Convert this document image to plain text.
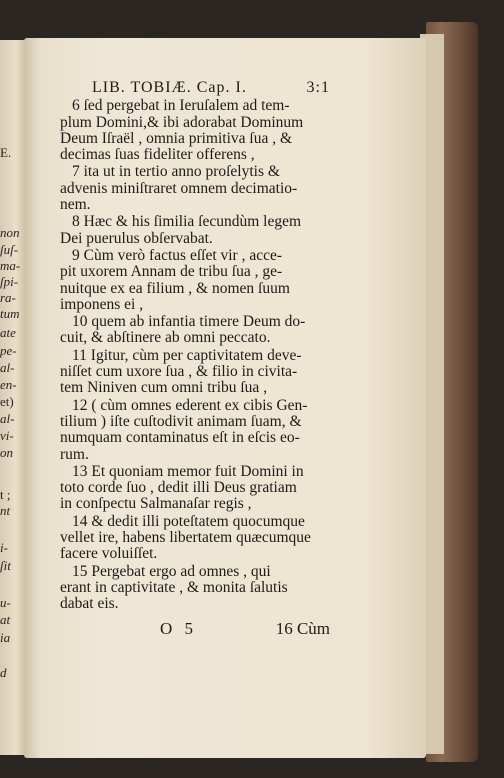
E.
non
ſuſ-
ma-
ſpi-
ra-
tum
ate
pe-
al-
en-
et)
al-
vi-
on
t ;
nt
i-
ſit
u-
at
ia
d
LIB. TOBIÆ. Cap. I.	3:1
6 ſed pergebat in Ieruſalem ad tem-
plum Domini,& ibi adorabat Dominum
Deum Iſraël , omnia primitiva ſua , &
decimas ſuas fideliter offerens ,
7 ita ut in tertio anno proſelytis &
advenis miniſtraret omnem decimatio-
nem.
8 Hæc & his ſimilia ſecundùm legem
Dei puerulus obſervabat.
9 Cùm verò factus eſſet vir , acce-
pit uxorem Annam de tribu ſua , ge-
nuitque ex ea filium , & nomen ſuum
imponens ei ,
10 quem ab infantia timere Deum do-
cuit, & abſtinere ab omni peccato.
11 Igitur, cùm per captivitatem deve-
niſſet cum uxore ſua , & filio in civita-
tem Niniven cum omni tribu ſua ,
12 ( cùm omnes ederent ex cibis Gen-
tilium ) iſte cuſtodivit animam ſuam, &
numquam contaminatus eſt in eſcis eo-
rum.
13 Et quoniam memor fuit Domini in
toto corde ſuo , dedit illi Deus gratiam
in conſpectu Salmanaſar regis ,
14 & dedit illi poteſtatem quocumque
vellet ire, habens libertatem quæcumque
facere voluiſſet.
15 Pergebat ergo ad omnes , qui
erant in captivitate , & monita ſalutis
dabat eis.
O 5	16 Cùm
